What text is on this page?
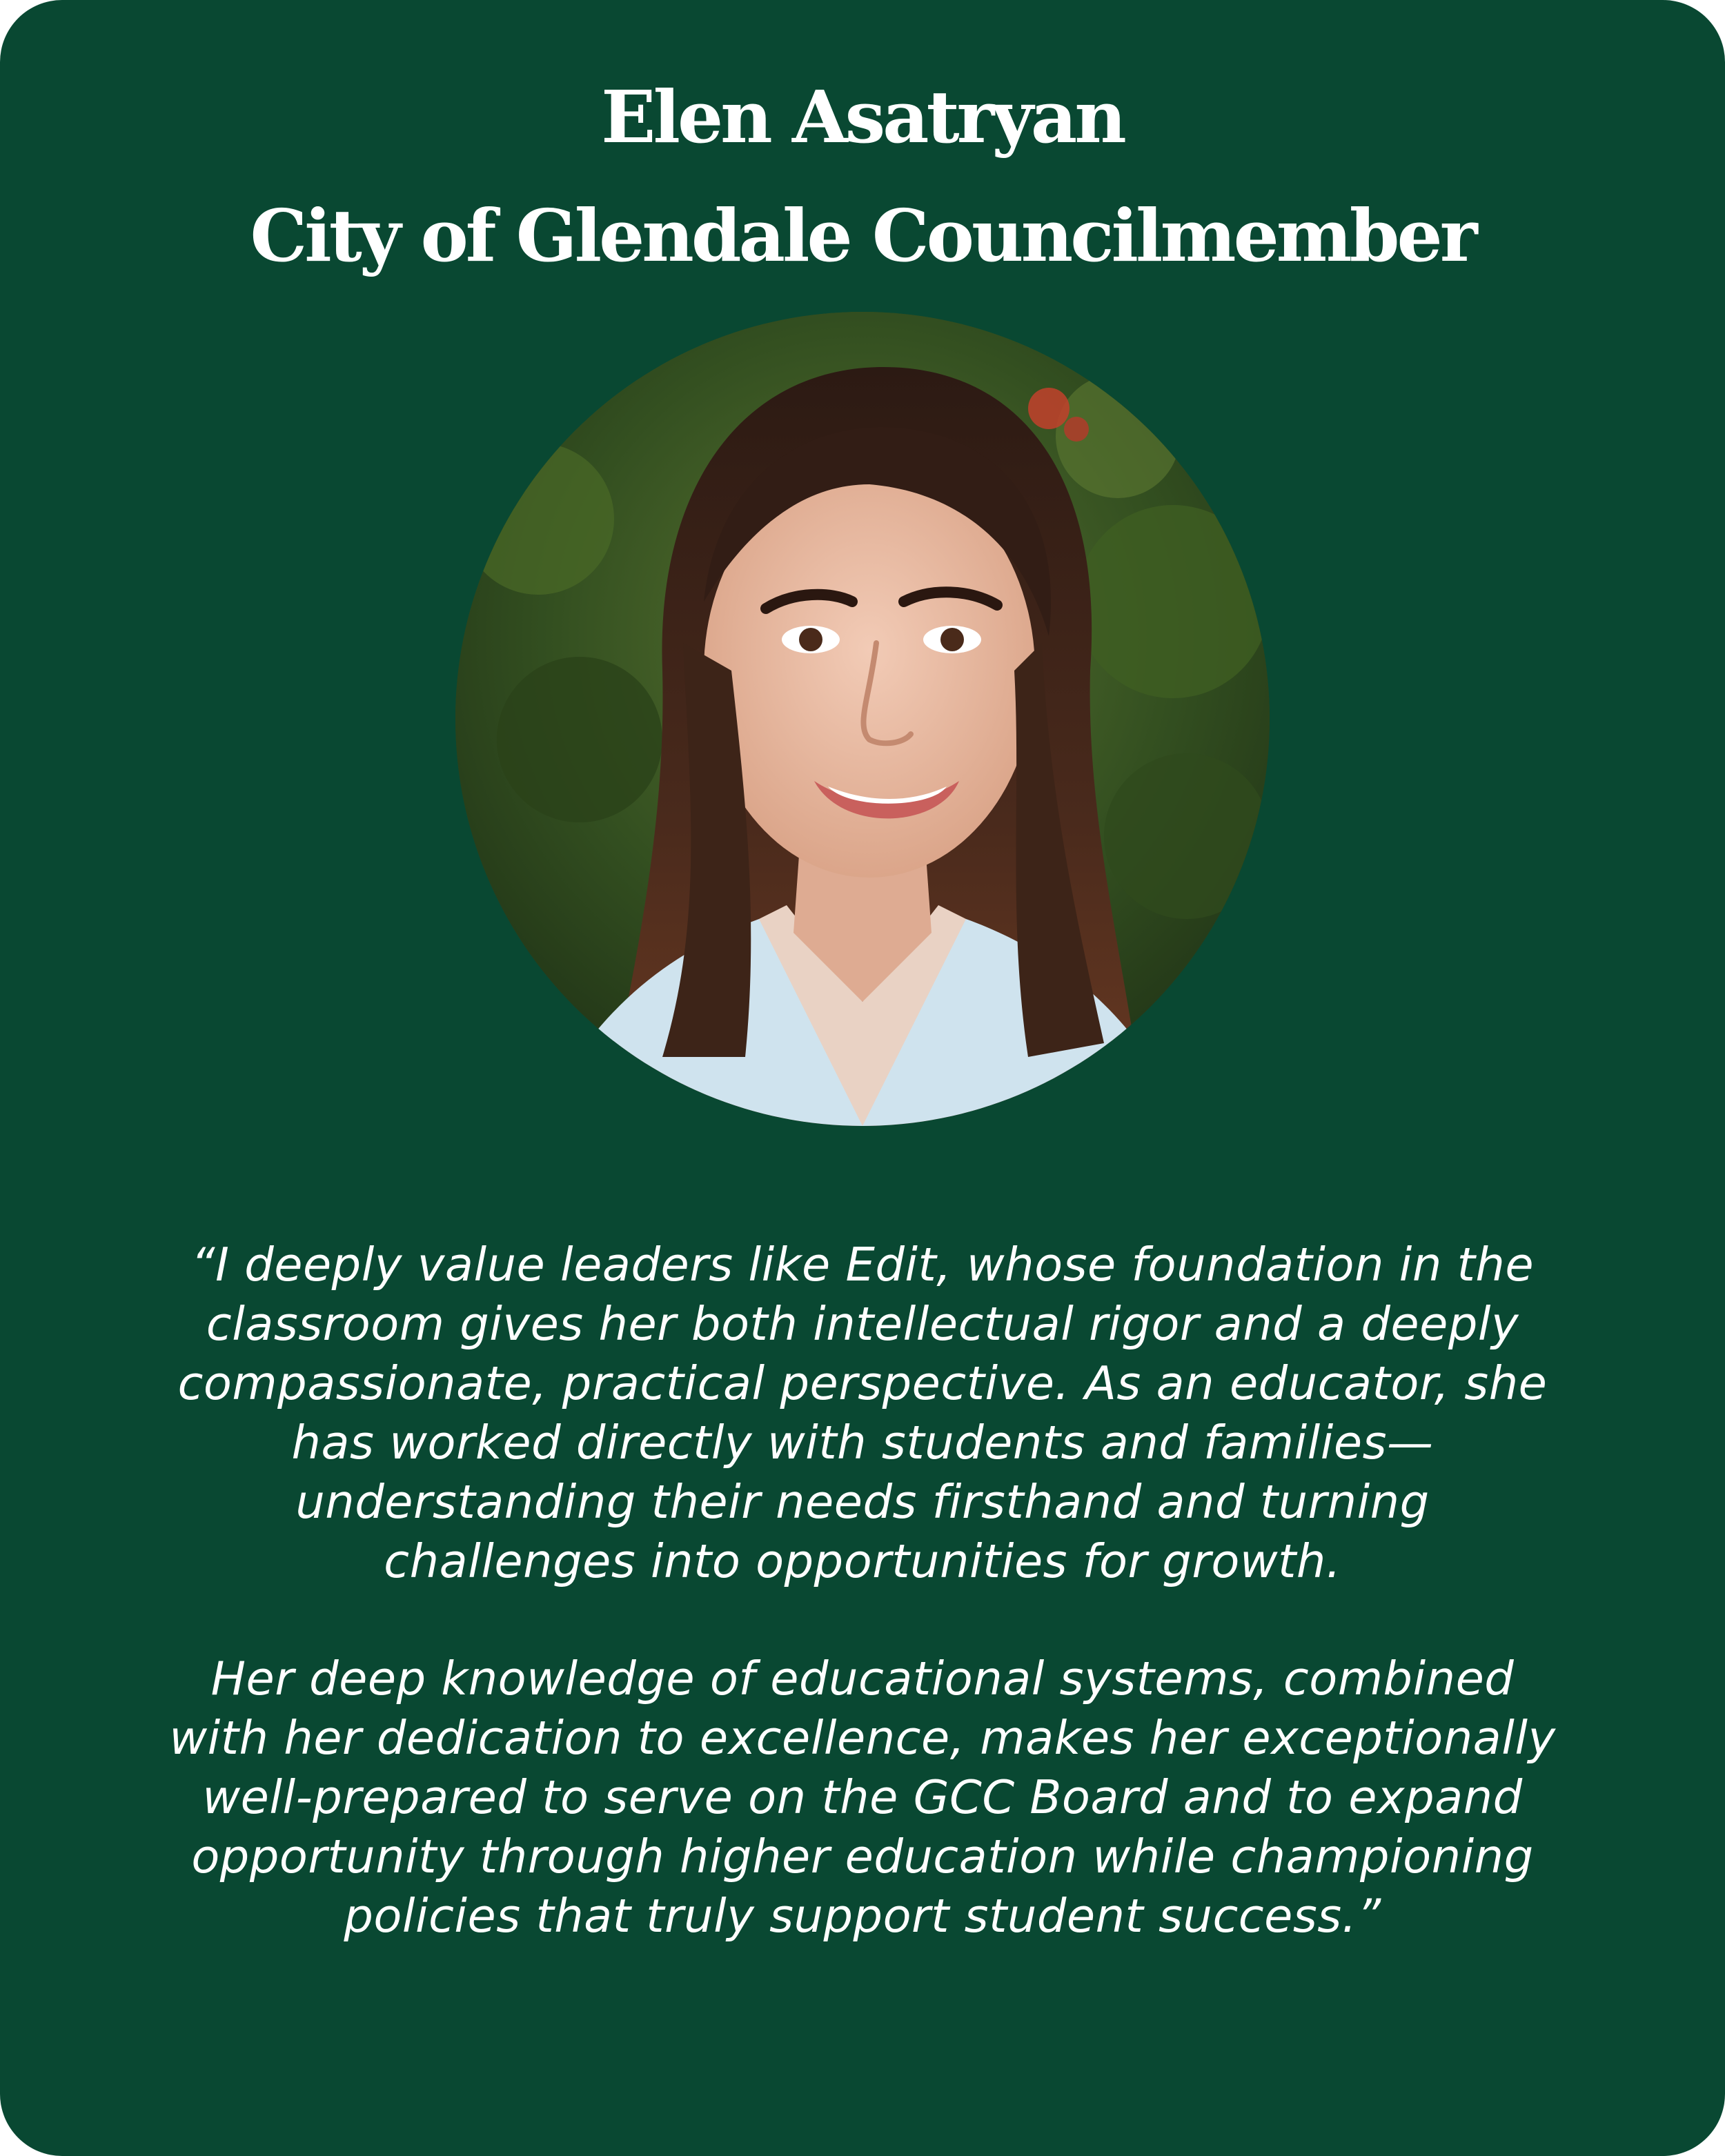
Elen Asatryan
City of Glendale Councilmember

“I deeply value leaders like Edit, whose foundation in the
classroom gives her both intellectual rigor and a deeply
compassionate, practical perspective. As an educator, she
has worked directly with students and families—
understanding their needs firsthand and turning
challenges into opportunities for growth.

Her deep knowledge of educational systems, combined
with her dedication to excellence, makes her exceptionally
well-prepared to serve on the GCC Board and to expand
opportunity through higher education while championing
policies that truly support student success.”
